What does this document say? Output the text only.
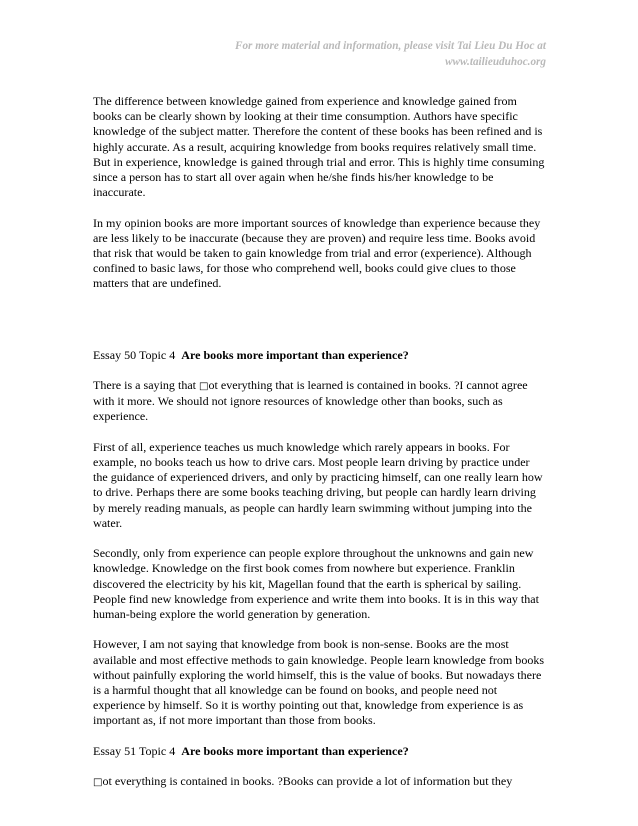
For more material and information, please visit Tai Lieu Du Hoc at
www.tailieuduhoc.org

The difference between knowledge gained from experience and knowledge gained from books can be clearly shown by looking at their time consumption. Authors have specific knowledge of the subject matter. Therefore the content of these books has been refined and is highly accurate. As a result, acquiring knowledge from books requires relatively small time. But in experience, knowledge is gained through trial and error. This is highly time consuming since a person has to start all over again when he/she finds his/her knowledge to be inaccurate.

In my opinion books are more important sources of knowledge than experience because they are less likely to be inaccurate (because they are proven) and require less time. Books avoid that risk that would be taken to gain knowledge from trial and error (experience). Although confined to basic laws, for those who comprehend well, books could give clues to those matters that are undefined.

Essay 50 Topic 4 Are books more important than experience?

There is a saying that □ot everything that is learned is contained in books. ?I cannot agree with it more. We should not ignore resources of knowledge other than books, such as experience.

First of all, experience teaches us much knowledge which rarely appears in books. For example, no books teach us how to drive cars. Most people learn driving by practice under the guidance of experienced drivers, and only by practicing himself, can one really learn how to drive. Perhaps there are some books teaching driving, but people can hardly learn driving by merely reading manuals, as people can hardly learn swimming without jumping into the water.

Secondly, only from experience can people explore throughout the unknowns and gain new knowledge. Knowledge on the first book comes from nowhere but experience. Franklin discovered the electricity by his kit, Magellan found that the earth is spherical by sailing. People find new knowledge from experience and write them into books. It is in this way that human-being explore the world generation by generation.

However, I am not saying that knowledge from book is non-sense. Books are the most available and most effective methods to gain knowledge. People learn knowledge from books without painfully exploring the world himself, this is the value of books. But nowadays there is a harmful thought that all knowledge can be found on books, and people need not experience by himself. So it is worthy pointing out that, knowledge from experience is as important as, if not more important than those from books.

Essay 51 Topic 4 Are books more important than experience?

□ot everything is contained in books. ?Books can provide a lot of information but they
